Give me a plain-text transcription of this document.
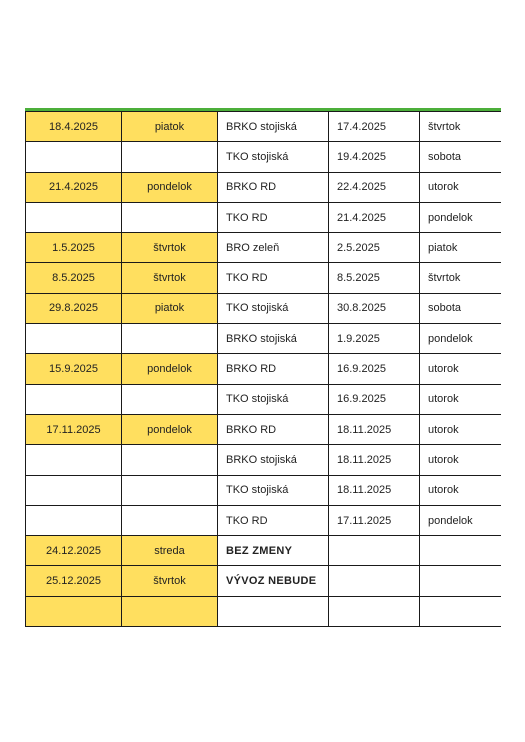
18.4.2025	piatok	BRKO stojiská	17.4.2025	štvrtok
		TKO stojiská	19.4.2025	sobota
21.4.2025	pondelok	BRKO RD	22.4.2025	utorok
		TKO RD	21.4.2025	pondelok
1.5.2025	štvrtok	BRO zeleň	2.5.2025	piatok
8.5.2025	štvrtok	TKO RD	8.5.2025	štvrtok
29.8.2025	piatok	TKO stojiská	30.8.2025	sobota
		BRKO stojiská	1.9.2025	pondelok
15.9.2025	pondelok	BRKO RD	16.9.2025	utorok
		TKO stojiská	16.9.2025	utorok
17.11.2025	pondelok	BRKO RD	18.11.2025	utorok
		BRKO stojiská	18.11.2025	utorok
		TKO stojiská	18.11.2025	utorok
		TKO RD	17.11.2025	pondelok
24.12.2025	streda	BEZ ZMENY		
25.12.2025	štvrtok	VÝVOZ NEBUDE		
